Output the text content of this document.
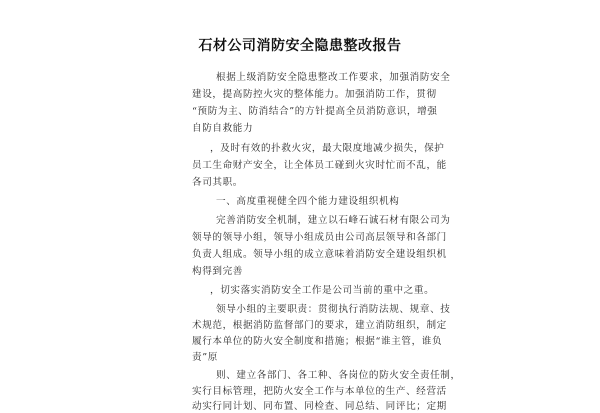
石材公司消防安全隐患整改报告
根据上级消防安全隐患整改工作要求，加强消防安全
建设，提高防控火灾的整体能力。加强消防工作，贯彻
“预防为主、防消结合”的方针提高全员消防意识，增强
自防自救能力
，及时有效的扑救火灾，最大限度地减少损失，保护
员工生命财产安全，让全体员工碰到火灾时忙而不乱，能
各司其职。
一、高度重视健全四个能力建设组织机构
完善消防安全机制，建立以石峰石诚石材有限公司为
领导的领导小组，领导小组成员由公司高层领导和各部门
负责人组成。领导小组的成立意味着消防安全建设组织机
构得到完善
，切实落实消防安全工作是公司当前的重中之重。
领导小组的主要职责：贯彻执行消防法规、规章、技
术规范，根据消防监督部门的要求，建立消防组织，制定
履行本单位的防火安全制度和措施；根据“谁主管，谁负
责”原
则、建立各部门、各工种、各岗位的防火安全责任制，
实行目标管理，把防火安全工作与本单位的生产、经营活
动实行同计划、同布置、同检查、同总结、同评比；定期
